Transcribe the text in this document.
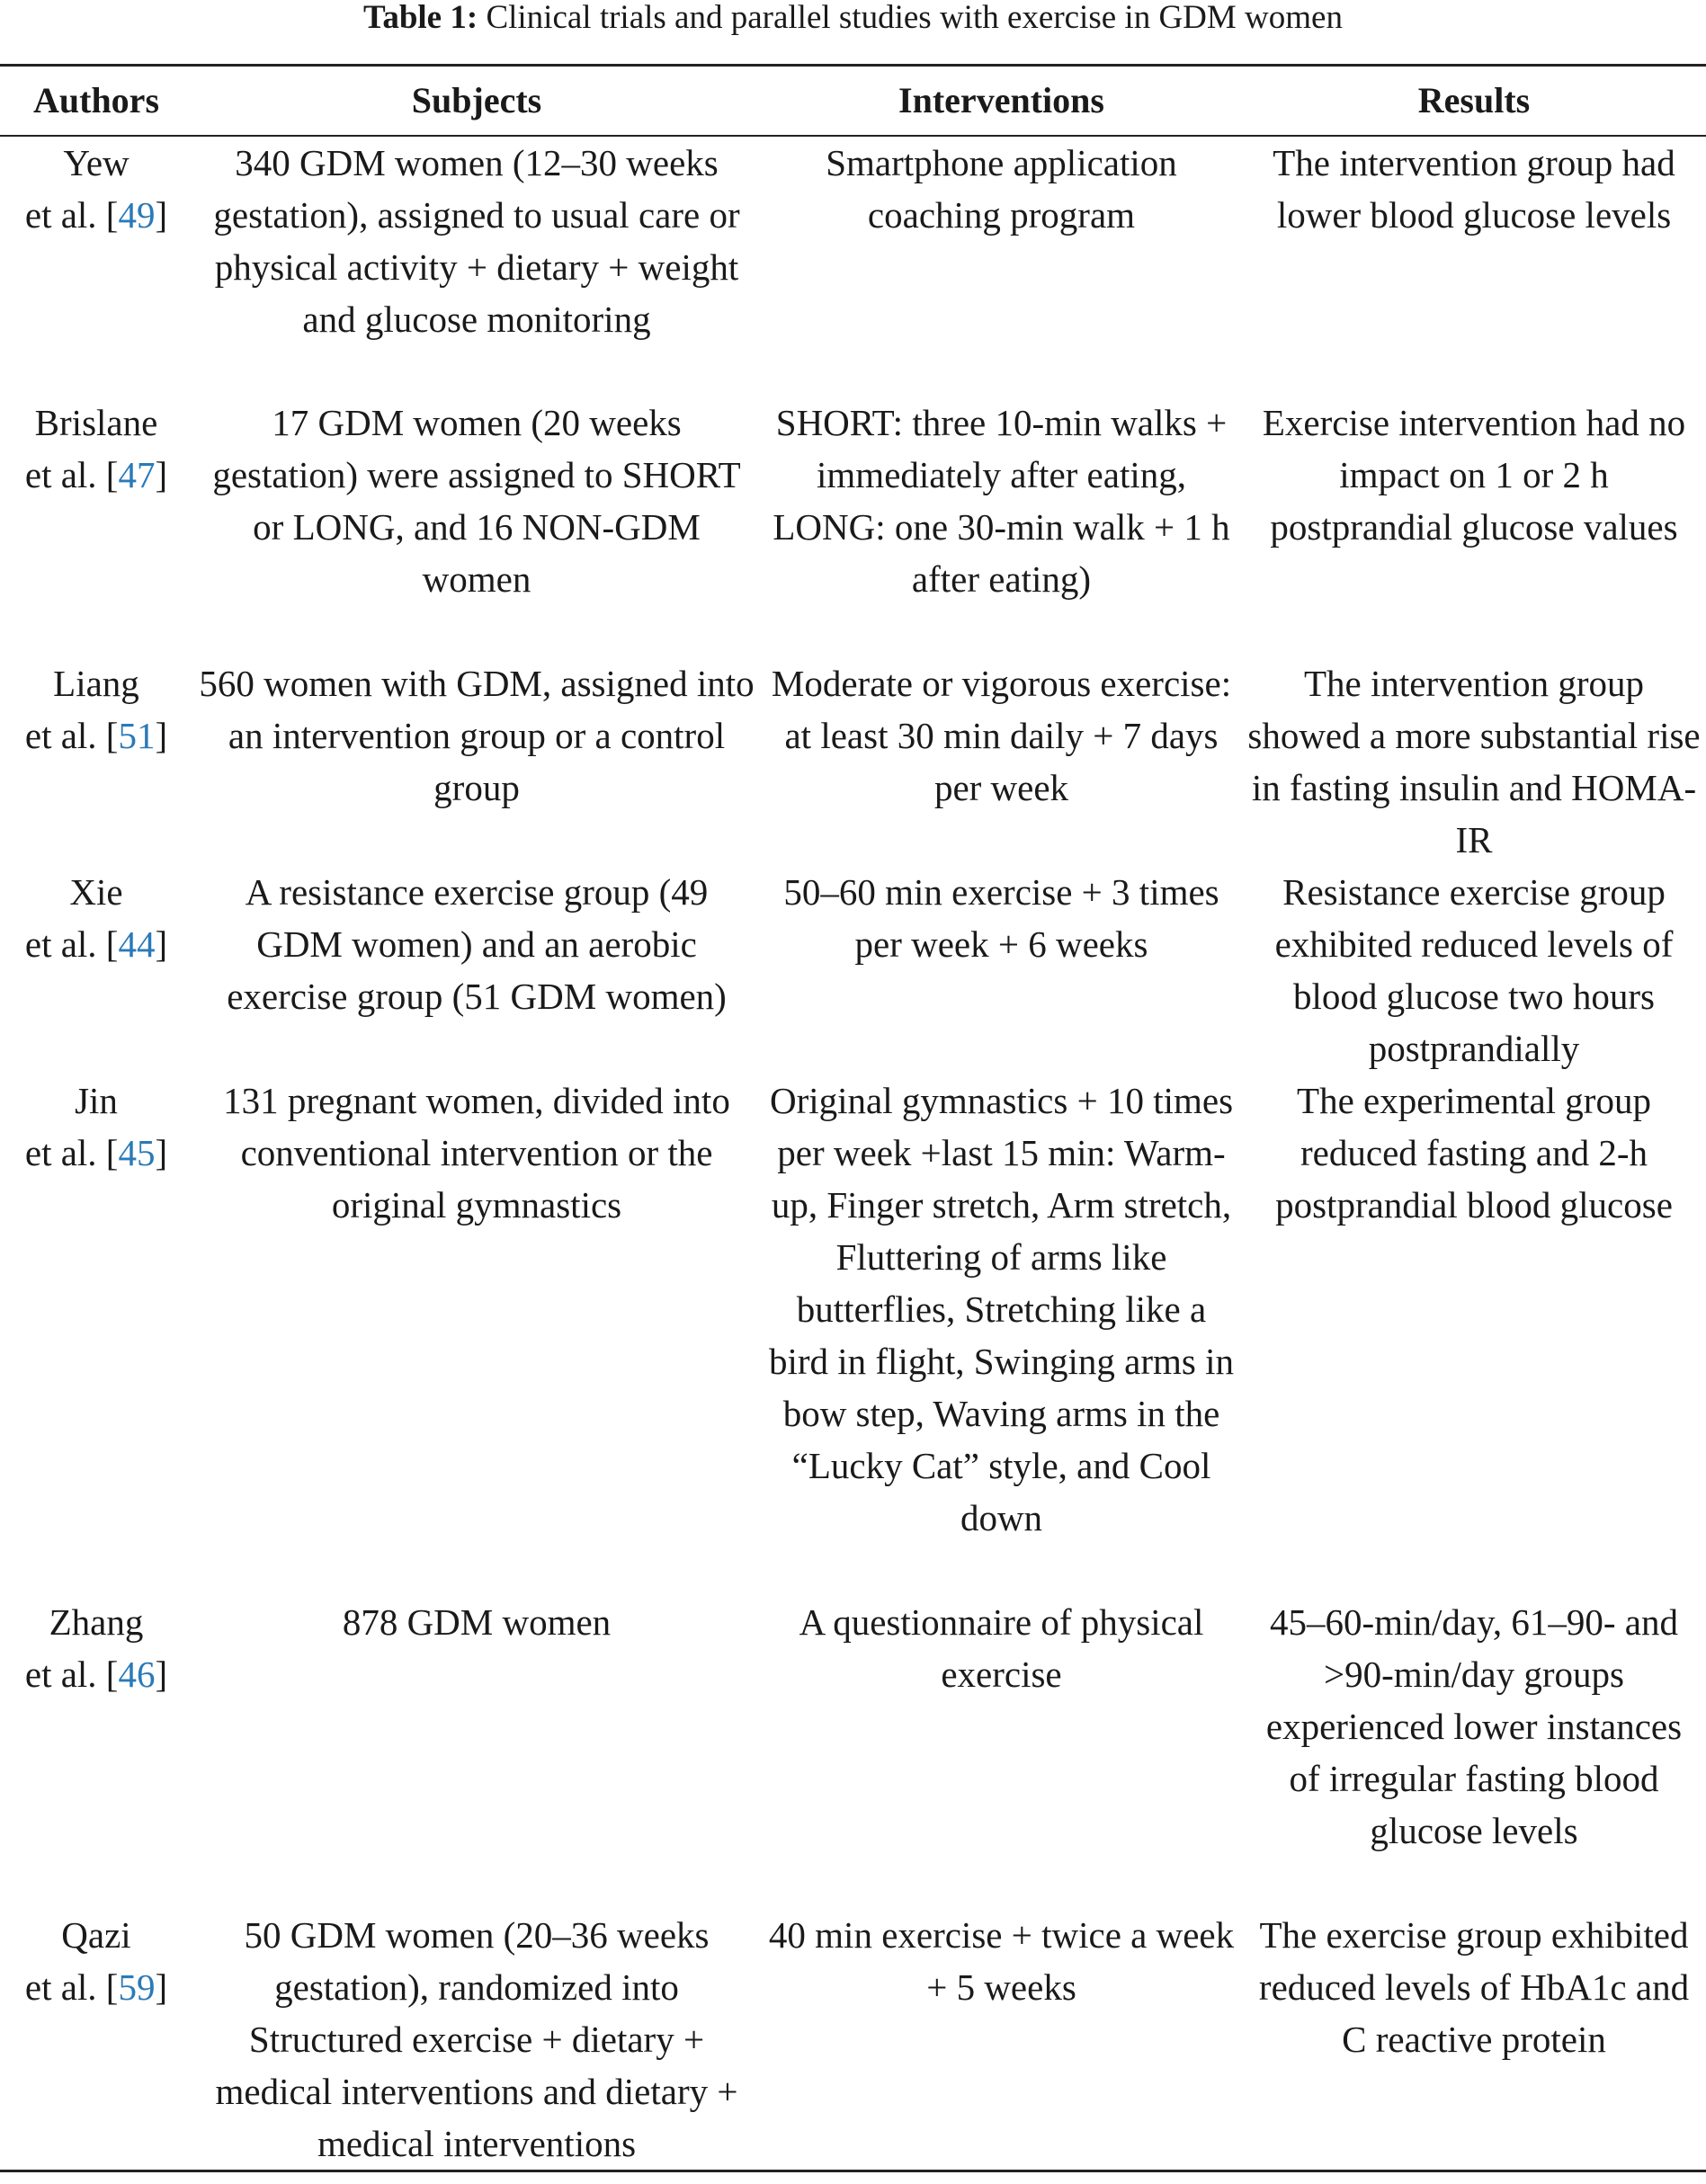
Table 1: Clinical trials and parallel studies with exercise in GDM women
Authors	Subjects	Interventions	Results

Yew
et al. [49]	340 GDM women (12–30 weeks gestation), assigned to usual care or physical activity + dietary + weight and glucose monitoring	Smartphone application coaching program	The intervention group had lower blood glucose levels

Brislane
et al. [47]	17 GDM women (20 weeks gestation) were assigned to SHORT or LONG, and 16 NON-GDM women	SHORT: three 10-min walks + immediately after eating, LONG: one 30-min walk + 1 h after eating)	Exercise intervention had no impact on 1 or 2 h postprandial glucose values

Liang
et al. [51]	560 women with GDM, assigned into an intervention group or a control group	Moderate or vigorous exercise: at least 30 min daily + 7 days per week	The intervention group showed a more substantial rise in fasting insulin and HOMA-IR

Xie
et al. [44]	A resistance exercise group (49 GDM women) and an aerobic exercise group (51 GDM women)	50–60 min exercise + 3 times per week + 6 weeks	Resistance exercise group exhibited reduced levels of blood glucose two hours postprandially

Jin
et al. [45]	131 pregnant women, divided into conventional intervention or the original gymnastics	Original gymnastics + 10 times per week +last 15 min: Warm-up, Finger stretch, Arm stretch, Fluttering of arms like butterflies, Stretching like a bird in flight, Swinging arms in bow step, Waving arms in the “Lucky Cat” style, and Cool down	The experimental group reduced fasting and 2-h postprandial blood glucose

Zhang
et al. [46]	878 GDM women	A questionnaire of physical exercise	45–60-min/day, 61–90- and >90-min/day groups experienced lower instances of irregular fasting blood glucose levels

Qazi
et al. [59]	50 GDM women (20–36 weeks gestation), randomized into Structured exercise + dietary + medical interventions and dietary + medical interventions	40 min exercise + twice a week + 5 weeks	The exercise group exhibited reduced levels of HbA1c and C reactive protein
